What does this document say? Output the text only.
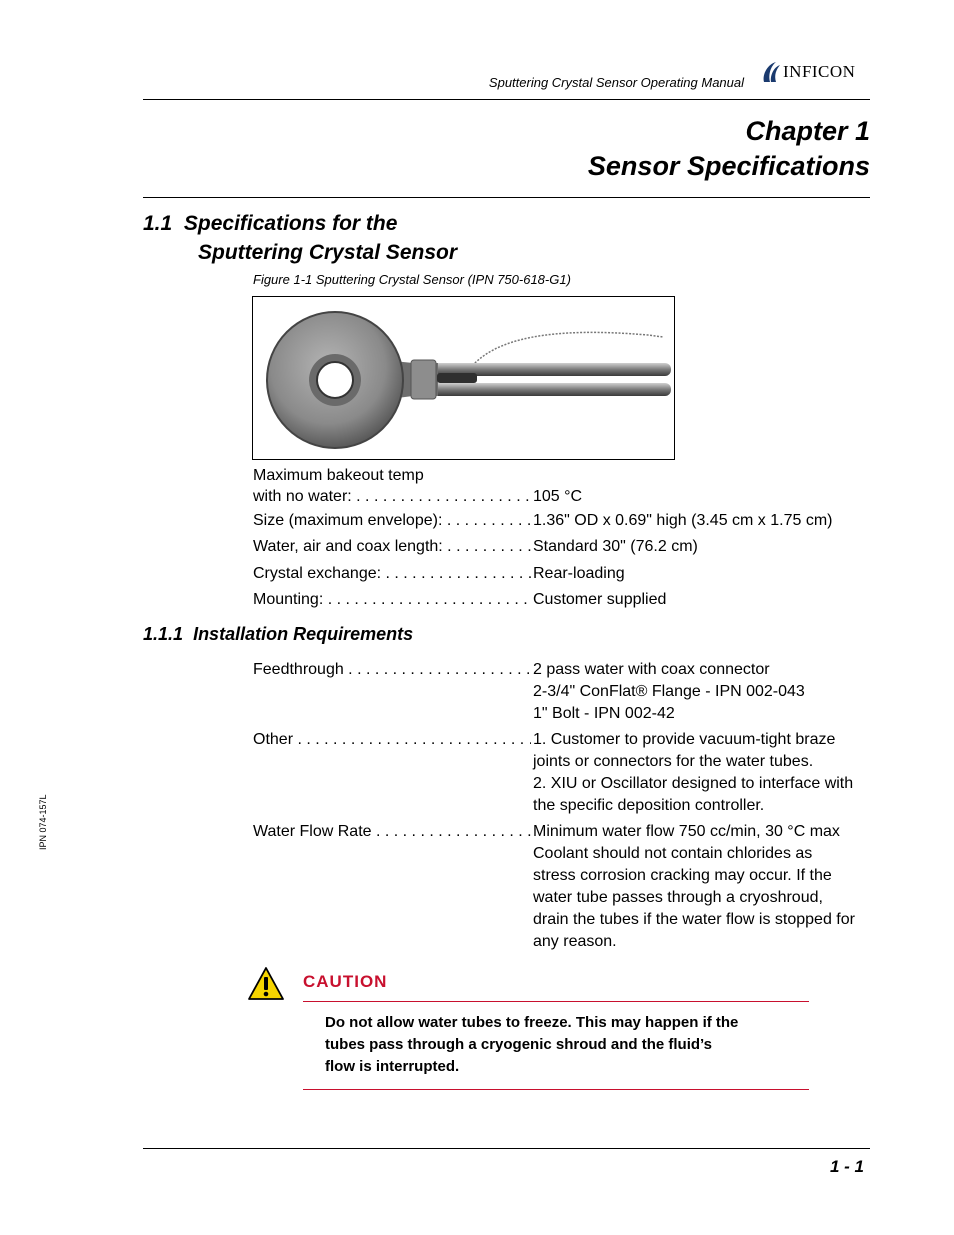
Sputtering Crystal Sensor Operating Manual
INFICON
Chapter 1
Sensor Specifications
1.1 Specifications for the
Sputtering Crystal Sensor
Figure 1-1 Sputtering Crystal Sensor (IPN 750-618-G1)
Maximum bakeout temp
with no water: . . .	105 °C
Size (maximum envelope): . . .	1.36" OD x 0.69" high (3.45 cm x 1.75 cm)
Water, air and coax length: . . .	Standard 30" (76.2 cm)
Crystal exchange: . . .	Rear-loading
Mounting: . . .	Customer supplied
1.1.1 Installation Requirements
Feedthrough . . .	2 pass water with coax connector
2-3/4" ConFlat® Flange - IPN 002-043
1" Bolt - IPN 002-42
Other . . .	1. Customer to provide vacuum-tight braze
joints or connectors for the water tubes.
2. XIU or Oscillator designed to interface with
the specific deposition controller.
Water Flow Rate . . .	Minimum water flow 750 cc/min, 30 °C max
Coolant should not contain chlorides as
stress corrosion cracking may occur. If the
water tube passes through a cryoshroud,
drain the tubes if the water flow is stopped for
any reason.
CAUTION
Do not allow water tubes to freeze. This may happen if the
tubes pass through a cryogenic shroud and the fluid’s
flow is interrupted.
IPN 074-157L
1 - 1
